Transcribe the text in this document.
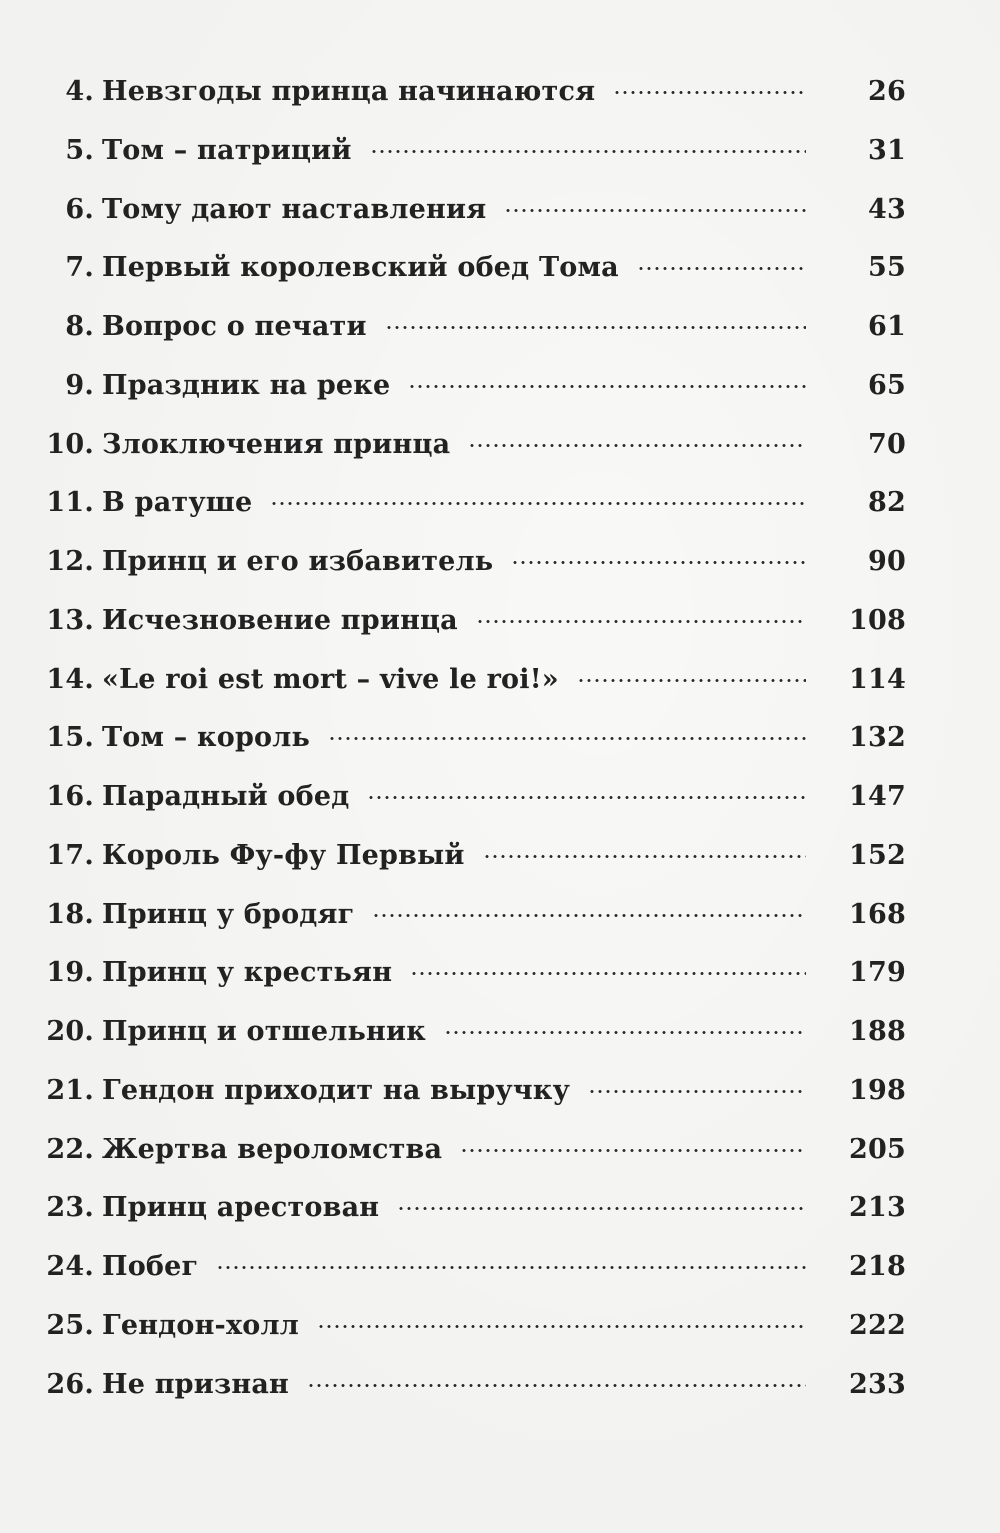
4. Невзгоды принца начинаются	26
5. Том – патриций	31
6. Тому дают наставления	43
7. Первый королевский обед Тома	55
8. Вопрос о печати	61
9. Праздник на реке	65
10. Злоключения принца	70
11. В ратуше	82
12. Принц и его избавитель	90
13. Исчезновение принца	108
14. «Le roi est mort – vive le roi!»	114
15. Том – король	132
16. Парадный обед	147
17. Король Фу-фу Первый	152
18. Принц у бродяг	168
19. Принц у крестьян	179
20. Принц и отшельник	188
21. Гендон приходит на выручку	198
22. Жертва вероломства	205
23. Принц арестован	213
24. Побег	218
25. Гендон-холл	222
26. Не признан	233
